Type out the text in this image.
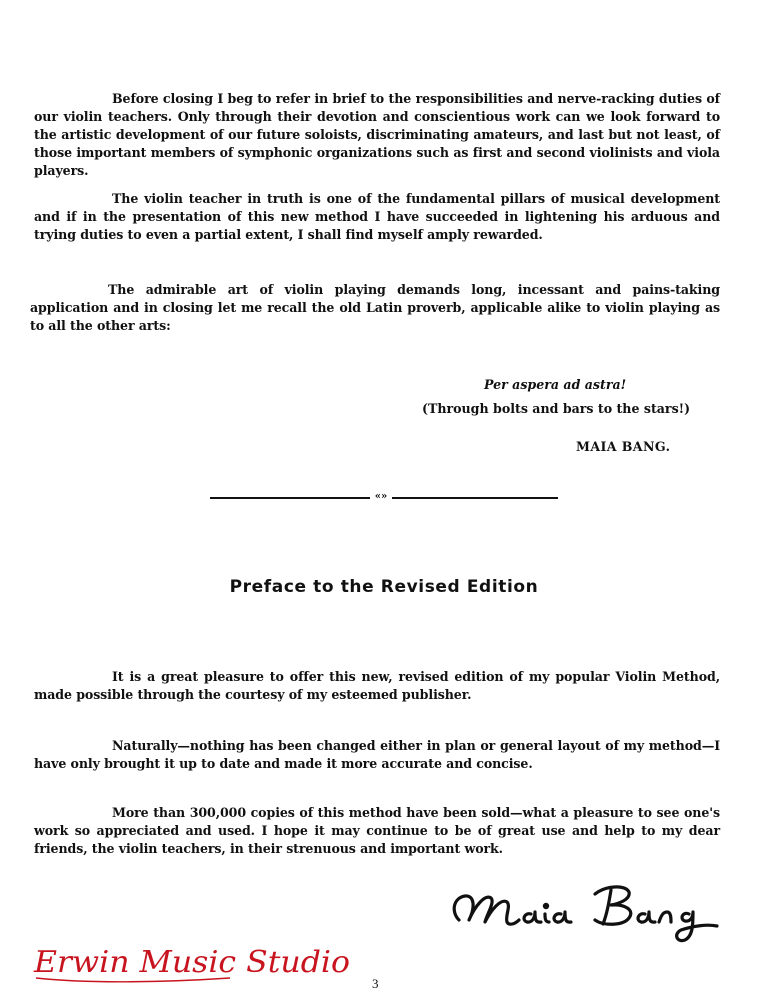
Before closing I beg to refer in brief to the responsibilities and nerve-racking duties of our violin teachers. Only through their devotion and conscientious work can we look forward to the artistic development of our future soloists, discriminating amateurs, and last but not least, of those important members of symphonic organizations such as first and second violinists and viola players.

The violin teacher in truth is one of the fundamental pillars of musical development and if in the presentation of this new method I have succeeded in lightening his arduous and trying duties to even a partial extent, I shall find myself amply rewarded.

The admirable art of violin playing demands long, incessant and pains-taking application and in closing let me recall the old Latin proverb, applicable alike to violin playing as to all the other arts:

Per aspera ad astra!
(Through bolts and bars to the stars!)
MAIA BANG.
«»
Preface to the Revised Edition

It is a great pleasure to offer this new, revised edition of my popular Violin Method, made possible through the courtesy of my esteemed publisher.

Naturally—nothing has been changed either in plan or general layout of my method—I have only brought it up to date and made it more accurate and concise.

More than 300,000 copies of this method have been sold—what a pleasure to see one's work so appreciated and used. I hope it may continue to be of great use and help to my dear friends, the violin teachers, in their strenuous and important work.

Erwin Music Studio
3
